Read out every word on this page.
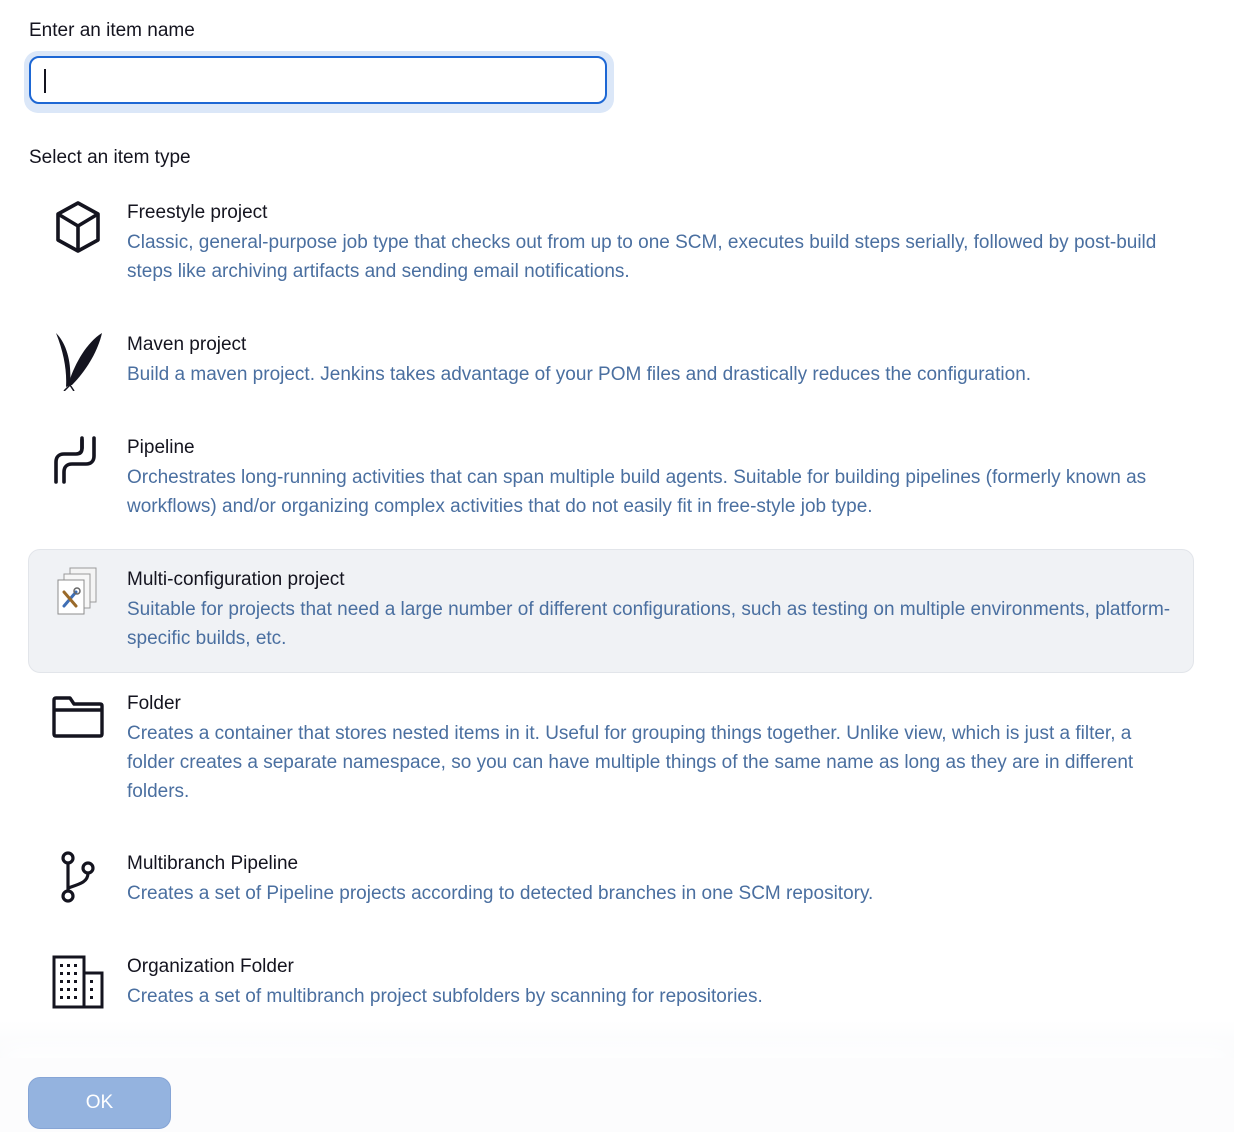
Enter an item name
Select an item type
Freestyle project
Classic, general-purpose job type that checks out from up to one SCM, executes build steps serially, followed by post-build steps like archiving artifacts and sending email notifications.
Maven project
Build a maven project. Jenkins takes advantage of your POM files and drastically reduces the configuration.
Pipeline
Orchestrates long-running activities that can span multiple build agents. Suitable for building pipelines (formerly known as workflows) and/or organizing complex activities that do not easily fit in free-style job type.
Multi-configuration project
Suitable for projects that need a large number of different configurations, such as testing on multiple environments, platform-specific builds, etc.
Folder
Creates a container that stores nested items in it. Useful for grouping things together. Unlike view, which is just a filter, a folder creates a separate namespace, so you can have multiple things of the same name as long as they are in different folders.
Multibranch Pipeline
Creates a set of Pipeline projects according to detected branches in one SCM repository.
Organization Folder
Creates a set of multibranch project subfolders by scanning for repositories.
OK
